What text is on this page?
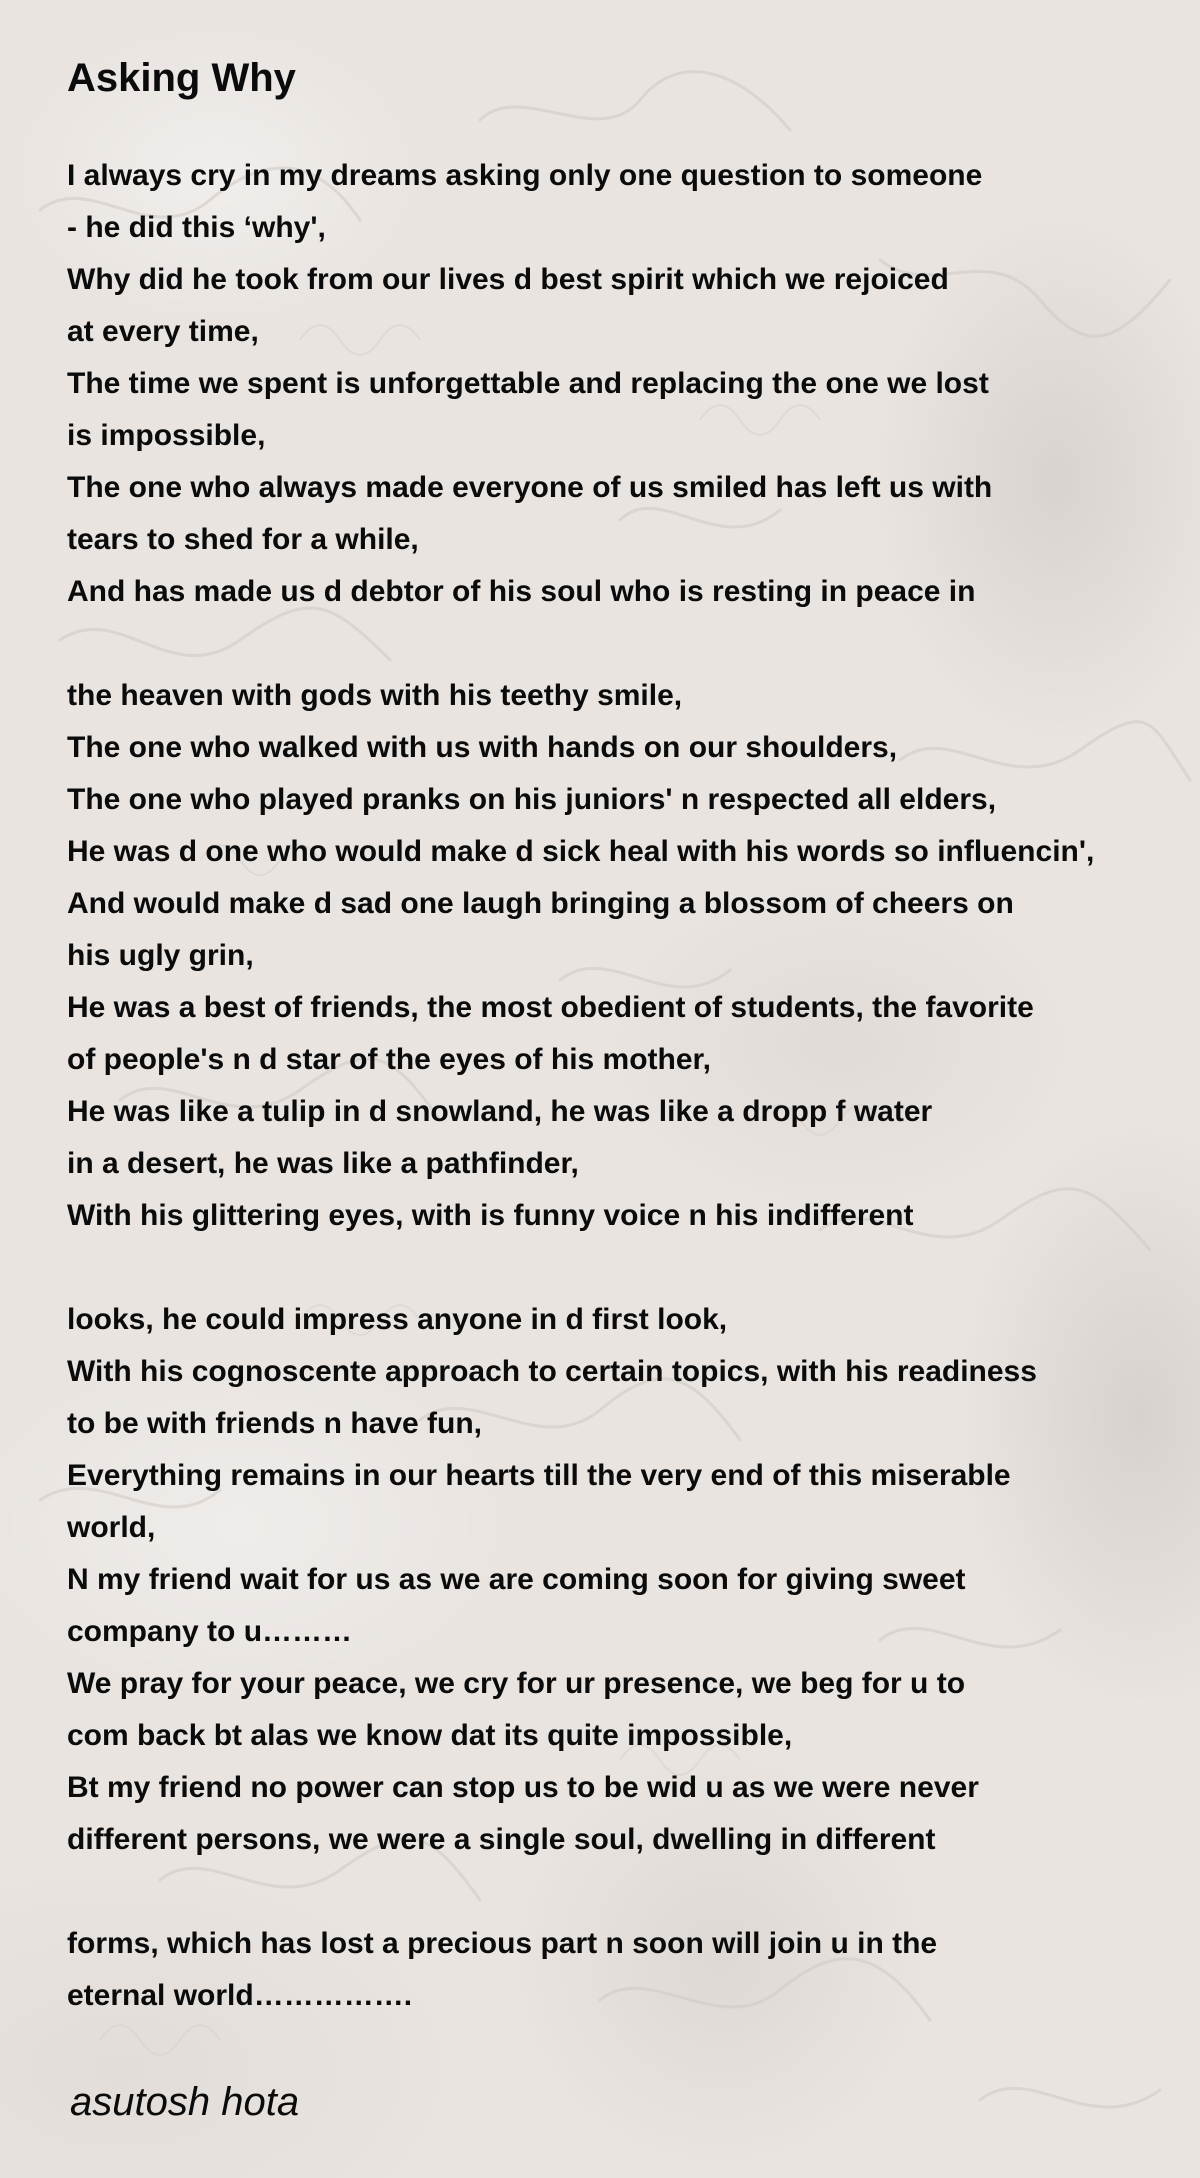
Asking Why
I always cry in my dreams asking only one question to someone
- he did this ‘why',
Why did he took from our lives d best spirit which we rejoiced
at every time,
The time we spent is unforgettable and replacing the one we lost
is impossible,
The one who always made everyone of us smiled has left us with
tears to shed for a while,
And has made us d debtor of his soul who is resting in peace in
the heaven with gods with his teethy smile,
The one who walked with us with hands on our shoulders,
The one who played pranks on his juniors' n respected all elders,
He was d one who would make d sick heal with his words so influencin',
And would make d sad one laugh bringing a blossom of cheers on
his ugly grin,
He was a best of friends, the most obedient of students, the favorite
of people's n d star of the eyes of his mother,
He was like a tulip in d snowland, he was like a dropp f water
in a desert, he was like a pathfinder,
With his glittering eyes, with is funny voice n his indifferent
looks, he could impress anyone in d first look,
With his cognoscente approach to certain topics, with his readiness
to be with friends n have fun,
Everything remains in our hearts till the very end of this miserable
world,
N my friend wait for us as we are coming soon for giving sweet
company to u………
We pray for your peace, we cry for ur presence, we beg for u to
com back bt alas we know dat its quite impossible,
Bt my friend no power can stop us to be wid u as we were never
different persons, we were a single soul, dwelling in different
forms, which has lost a precious part n soon will join u in the
eternal world…………….
asutosh hota
